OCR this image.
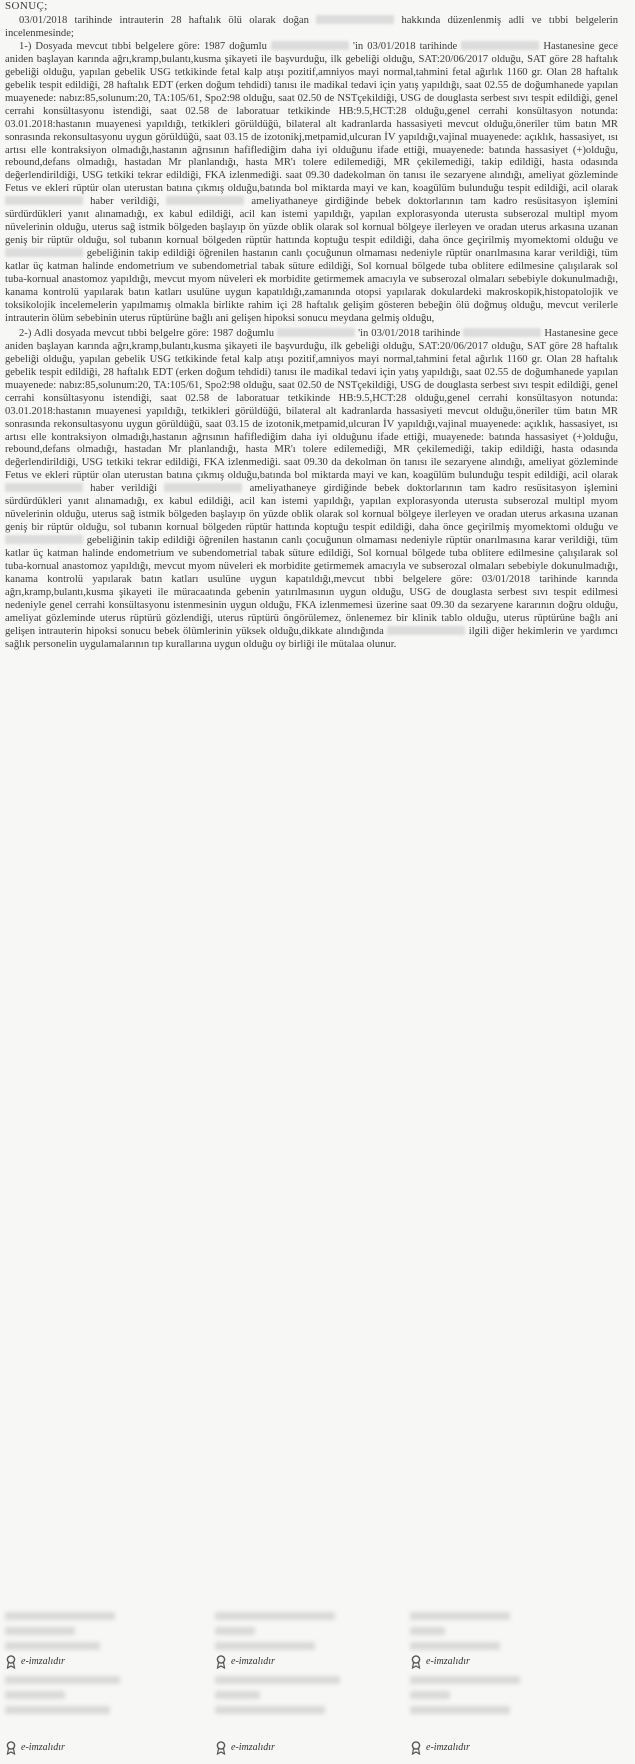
SONUÇ;

03/01/2018 tarihinde intrauterin 28 haftalık ölü olarak doğan	hakkında düzenlenmiş adli ve tıbbi belgelerin incelenmesinde;

1-) Dosyada mevcut tıbbi belgelere göre: 1987 doğumlu	'in 03/01/2018 tarihinde	Hastanesine gece aniden başlayan karında ağrı,kramp,bulantı,kusma şikayeti ile başvurduğu, ilk gebeliği olduğu, SAT:20/06/2017 olduğu, SAT göre 28 haftalık gebeliği olduğu, yapılan gebelik USG tetkikinde fetal kalp atışı pozitif,amniyos mayi normal,tahmini fetal ağırlık 1160 gr. Olan 28 haftalık gebelik tespit edildiği, 28 haftalık EDT (erken doğum tehdidi) tanısı ile madikal tedavi için yatış yapıldığı, saat 02.55 de doğumhanede yapılan muayenede: nabız:85,solunum:20, TA:105/61, Spo2:98 olduğu, saat 02.50 de NSTçekildiği, USG de douglasta serbest sıvı tespit edildiği, genel cerrahi konsültasyonu istendiği, saat 02.58 de laboratuar tetkikinde HB:9.5,HCT:28 olduğu,genel cerrahi konsültasyon notunda: 03.01.2018:hastanın muayenesi yapıldığı, tetkikleri görüldüğü, bilateral alt kadranlarda hassasiyeti mevcut olduğu,öneriler tüm batın MR sonrasında rekonsultasyonu uygun görüldüğü, saat 03.15 de izotonikj,metpamid,ulcuran İV yapıldığı,vajinal muayenede: açıklık, hassasiyet, ısı artısı elle kontraksiyon olmadığı,hastanın ağrısının hafiflediğim daha iyi olduğunu ifade ettiği, muayenede: batında hassasiyet (+)olduğu, rebound,defans olmadığı, hastadan Mr planlandığı, hasta MR'ı tolere edilemediği, MR çekilemediği, takip edildiği, hasta odasında değerlendirildiği, USG tetkiki tekrar edildiği, FKA izlenmediği. saat 09.30 dadekolman ön tanısı ile sezaryene alındığı, ameliyat gözleminde Fetus ve ekleri rüptür olan uterustan batına çıkmış olduğu,batında bol miktarda mayi ve kan, koagülüm bulunduğu tespit edildiği, acil olarak  haber verildiği,	ameliyathaneye girdiğinde bebek doktorlarının tam kadro resüsitasyon işlemini sürdürdükleri yanıt alınamadığı, ex kabul edildiği, acil kan istemi yapıldığı, yapılan explorasyonda uterusta subserozal multipl myom nüvelerinin olduğu, uterus sağ istmik bölgeden başlayıp ön yüzde oblik olarak sol kornual bölgeye ilerleyen ve oradan uterus arkasına uzanan geniş bir rüptür olduğu, sol tubanın kornual bölgeden rüptür hattında koptuğu tespit edildiği, daha önce geçirilmiş myomektomi olduğu ve  gebeliğinin takip edildiği öğrenilen hastanın canlı çocuğunun olmaması nedeniyle rüptür onarılmasına karar verildiği, tüm katlar üç katman halinde endometrium ve subendometrial tabak süture edildiği, Sol kornual bölgede tuba oblitere edilmesine çalışılarak sol tuba-kornual anastomoz yapıldığı, mevcut myom nüveleri ek morbidite getirmemek amacıyla ve subserozal olmaları sebebiyle dokunulmadığı, kanama kontrolü yapılarak batın katları usulüne uygun kapatıldığı,zamanında otopsi yapılarak dokulardeki makroskopik,histopatolojik ve toksikolojik incelemelerin yapılmamış olmakla birlikte rahim içi 28 haftalık gelişim gösteren bebeğin ölü doğmuş olduğu, mevcut verilerle intrauterin ölüm sebebinin uterus rüptürüne bağlı ani gelişen hipoksi sonucu meydana gelmiş olduğu,

2-) Adli dosyada mevcut tıbbi belgelre göre: 1987 doğumlu	'in 03/01/2018 tarihinde	Hastanesine gece aniden başlayan karında ağrı,kramp,bulantı,kusma şikayeti ile başvurduğu, ilk gebeliği olduğu, SAT:20/06/2017 olduğu, SAT göre 28 haftalık gebeliği olduğu, yapılan gebelik USG tetkikinde fetal kalp atışı pozitif,amniyos mayi normal,tahmini fetal ağırlık 1160 gr. Olan 28 haftalık gebelik tespit edildiği, 28 haftalık EDT (erken doğum tehdidi) tanısı ile madikal tedavi için yatış yapıldığı, saat 02.55 de doğumhanede yapılan muayenede: nabız:85,solunum:20, TA:105/61, Spo2:98 olduğu, saat 02.50 de NSTçekildiği, USG de douglasta serbest sıvı tespit edildiği, genel cerrahi konsültasyonu istendiği, saat 02.58 de laboratuar tetkikinde HB:9.5,HCT:28 olduğu,genel cerrahi konsültasyon notunda: 03.01.2018:hastanın muayenesi yapıldığı, tetkikleri görüldüğü, bilateral alt kadranlarda hassasiyeti mevcut olduğu,öneriler tüm batın MR sonrasında rekonsultasyonu uygun görüldüğü, saat 03.15 de izotonik,metpamid,ulcuran İV yapıldığı,vajinal muayenede: açıklık, hassasiyet, ısı artısı elle kontraksiyon olmadığı,hastanın ağrısının hafiflediğim daha iyi olduğunu ifade ettiği, muayenede: batında hassasiyet (+)olduğu, rebound,defans olmadığı, hastadan Mr planlandığı, hasta MR'ı tolere edilemediği, MR çekilemediği, takip edildiği, hasta odasında değerlendirildiği, USG tetkiki tekrar edildiği, FKA izlenmediği. saat 09.30 da dekolman ön tanısı ile sezaryene alındığı, ameliyat gözleminde Fetus ve ekleri rüptür olan uterustan batına çıkmış olduğu,batında bol miktarda mayi ve kan, koagülüm bulunduğu tespit edildiği, acil olarak  haber verildiği	ameliyathaneye girdiğinde bebek doktorlarının tam kadro resüsitasyon işlemini sürdürdükleri yanıt alınamadığı, ex kabul edildiği, acil kan istemi yapıldığı, yapılan explorasyonda uterusta subserozal multipl myom nüvelerinin olduğu, uterus sağ istmik bölgeden başlayıp ön yüzde oblik olarak sol kornual bölgeye ilerleyen ve oradan uterus arkasına uzanan geniş bir rüptür olduğu, sol tubanın kornual bölgeden rüptür hattında koptuğu tespit edildiği, daha önce geçirilmiş myomektomi olduğu ve  gebeliğinin takip edildiği öğrenilen hastanın canlı çocuğunun olmaması nedeniyle rüptür onarılmasına karar verildiği, tüm katlar üç katman halinde endometrium ve subendometrial tabak süture edildiği, Sol kornual bölgede tuba oblitere edilmesine çalışılarak sol tuba-kornual anastomoz yapıldığı, mevcut myom nüveleri ek morbidite getirmemek amacıyla ve subserozal olmaları sebebiyle dokunulmadığı, kanama kontrolü yapılarak batın katları usulüne uygun kapatıldığı,mevcut tıbbi belgelere göre: 03/01/2018 tarihinde karında ağrı,kramp,bulantı,kusma şikayeti ile müracaatında gebenin yatırılmasının uygun olduğu, USG de douglasta serbest sıvı tespit edilmesi nedeniyle genel cerrahi konsültasyonu istenmesinin uygun olduğu, FKA izlenmemesi üzerine saat 09.30 da sezaryene kararının doğru olduğu, ameliyat gözleminde uterus rüptürü gözlendiği, uterus rüptürü öngörülemez, önlenemez bir klinik tablo olduğu, uterus rüptürüne bağlı ani gelişen intrauterin hipoksi sonucu bebek ölümlerinin yüksek olduğu,dikkate alındığında	ilgili diğer hekimlerin ve yardımcı sağlık personelin uygulamalarının tıp kurallarına uygun olduğu oy birliği ile mütalaa olunur.

e-imzalıdır	e-imzalıdır	e-imzalıdır
e-imzalıdır	e-imzalıdır	e-imzalıdır
